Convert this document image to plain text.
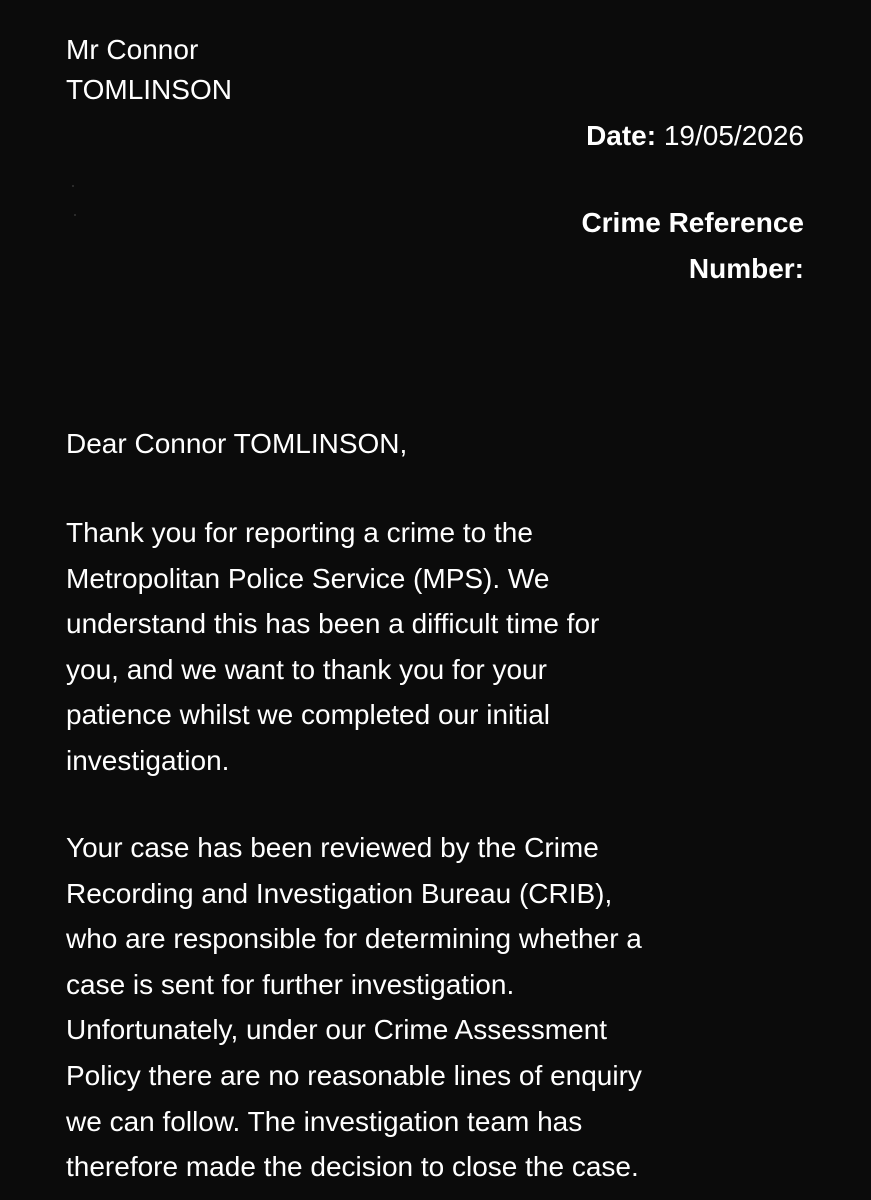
Mr Connor
TOMLINSON
Date: 19/05/2026
Crime Reference
Number:
Dear Connor TOMLINSON,
Thank you for reporting a crime to the
Metropolitan Police Service (MPS). We
understand this has been a difficult time for
you, and we want to thank you for your
patience whilst we completed our initial
investigation.
Your case has been reviewed by the Crime
Recording and Investigation Bureau (CRIB),
who are responsible for determining whether a
case is sent for further investigation.
Unfortunately, under our Crime Assessment
Policy there are no reasonable lines of enquiry
we can follow. The investigation team has
therefore made the decision to close the case.
